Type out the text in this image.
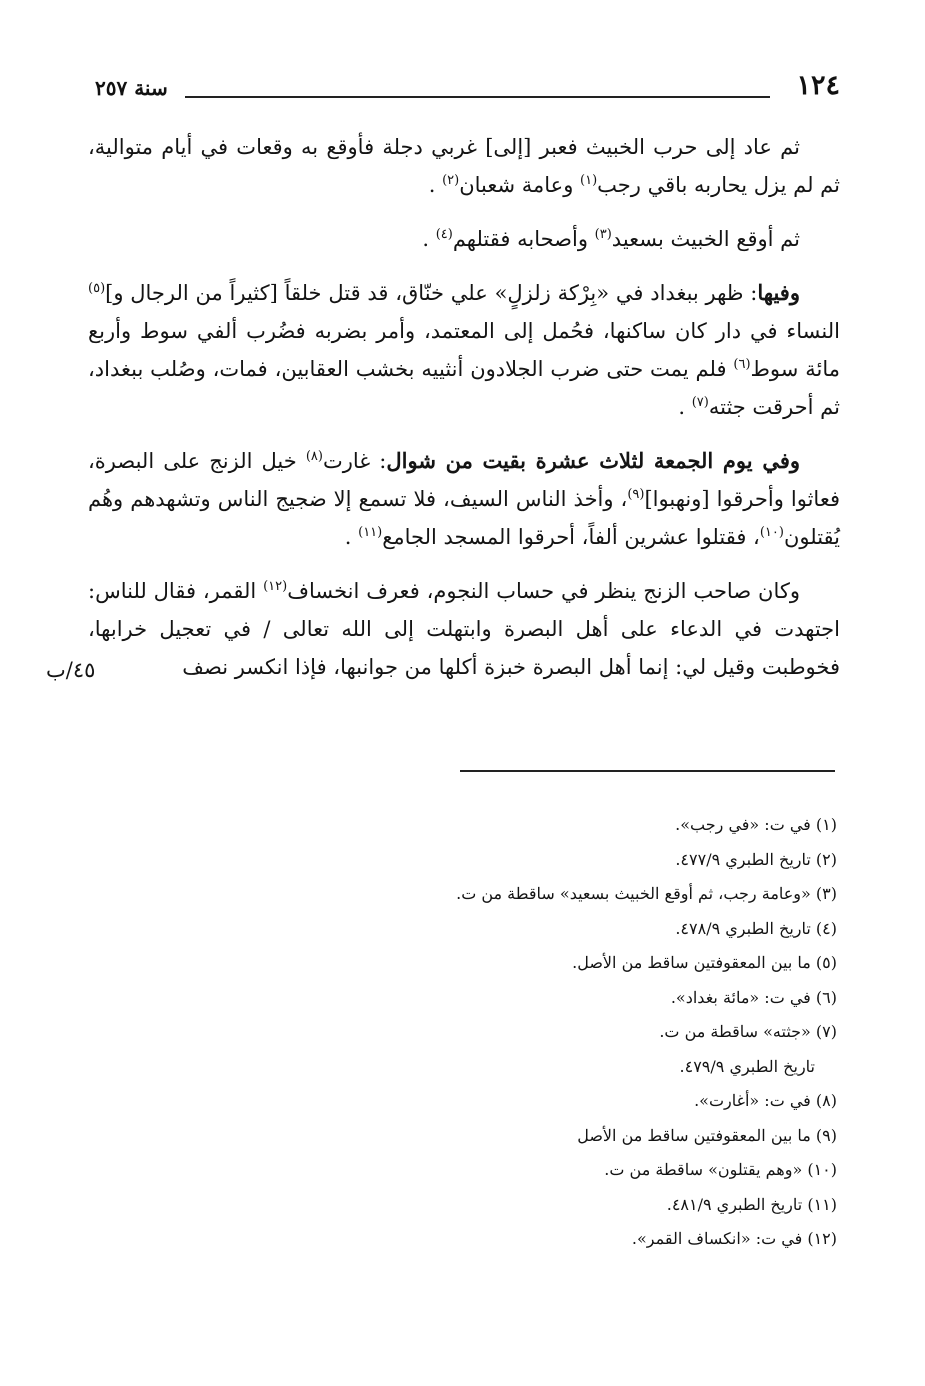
١٢٤
سنة ٢٥٧

ثم عاد إلى حرب الخبيث فعبر [إلى] غربي دجلة فأوقع به وقعات في أيام متوالية، ثم لم يزل يحاربه باقي رجب$^{(١)}$ وعامة شعبان$^{(٢)}$ .

ثم أوقع الخبيث بسعيد$^{(٣)}$ وأصحابه فقتلهم$^{(٤)}$ .

وفيها: ظهر ببغداد في «بِرْكة زلزلٍ» علي خنّاق، قد قتل خلقاً [كثيراً من الرجال و]$^{(٥)}$ النساء في دار كان ساكنها، فحُمل إلى المعتمد، وأمر بضربه فضُرب ألفي سوط وأربع مائة سوط$^{(٦)}$ فلم يمت حتى ضرب الجلادون أنثييه بخشب العقابين، فمات، وصُلب ببغداد، ثم أحرقت جثته$^{(٧)}$ .

وفي يوم الجمعة لثلاث عشرة بقيت من شوال: غارت$^{(٨)}$ خيل الزنج على البصرة، فعاثوا وأحرقوا [ونهبوا]$^{(٩)}$، وأخذ الناس السيف، فلا تسمع إلا ضجيج الناس وتشهدهم وهُم يُقتلون$^{(١٠)}$، فقتلوا عشرين ألفاً، أحرقوا المسجد الجامع$^{(١١)}$ .

وكان صاحب الزنج ينظر في حساب النجوم، فعرف انخساف$^{(١٢)}$ القمر، فقال للناس: اجتهدت في الدعاء على أهل البصرة وابتهلت إلى الله تعالى / في تعجيل خرابها، فخوطبت وقيل لي: إنما أهل البصرة خبزة أكلها من جوانبها، فإذا انكسر نصف

٤٥/ب
(١) في ت: «في رجب».
(٢) تاريخ الطبري ٤٧٧/٩.
(٣) «وعامة رجب، ثم أوقع الخبيث بسعيد» ساقطة من ت.
(٤) تاريخ الطبري ٤٧٨/٩.
(٥) ما بين المعقوفتين ساقط من الأصل.
(٦) في ت: «مائة بغداد».
(٧) «جثته» ساقطة من ت.
تاريخ الطبري ٤٧٩/٩.
(٨) في ت: «أغارت».
(٩) ما بين المعقوفتين ساقط من الأصل
(١٠) «وهم يقتلون» ساقطة من ت.
(١١) تاريخ الطبري ٤٨١/٩.
(١٢) في ت: «انكساف القمر».
